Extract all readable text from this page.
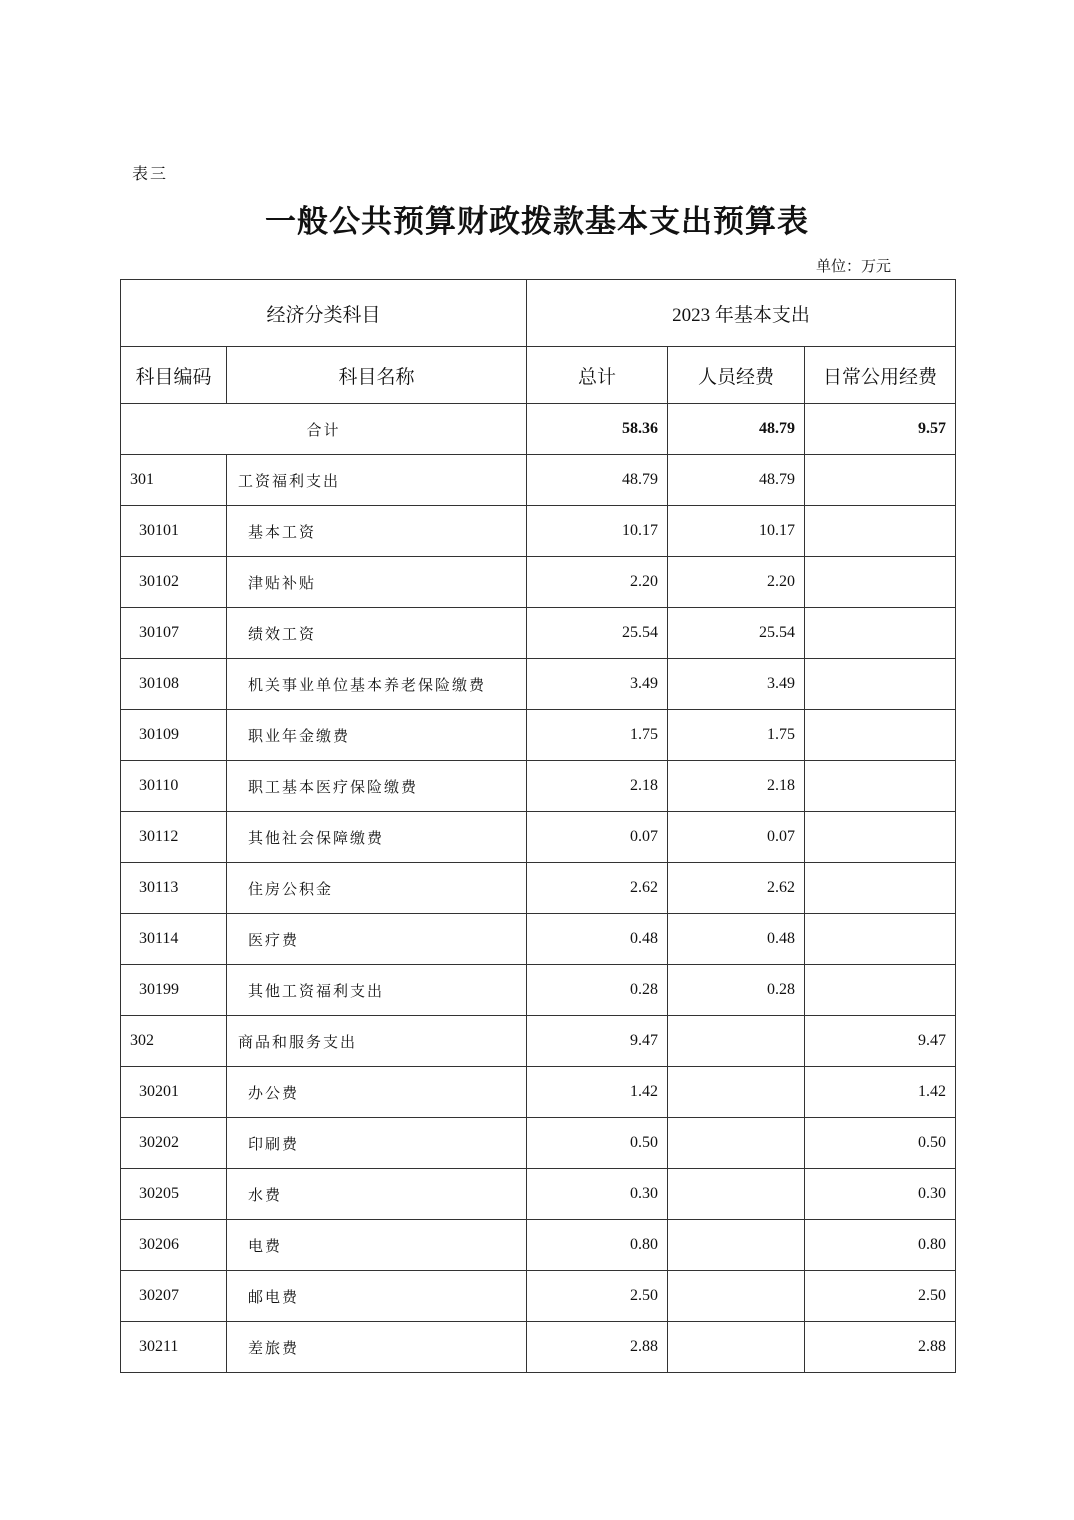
表三
一般公共预算财政拨款基本支出预算表
单位：万元
经济分类科目		2023 年基本支出		
科目编码	科目名称	总计	人员经费	日常公用经费
合计		58.36	48.79	9.57
301	工资福利支出	48.79	48.79	
30101	基本工资	10.17	10.17	
30102	津贴补贴	2.20	2.20	
30107	绩效工资	25.54	25.54	
30108	机关事业单位基本养老保险缴费	3.49	3.49	
30109	职业年金缴费	1.75	1.75	
30110	职工基本医疗保险缴费	2.18	2.18	
30112	其他社会保障缴费	0.07	0.07	
30113	住房公积金	2.62	2.62	
30114	医疗费	0.48	0.48	
30199	其他工资福利支出	0.28	0.28	
302	商品和服务支出	9.47		9.47
30201	办公费	1.42		1.42
30202	印刷费	0.50		0.50
30205	水费	0.30		0.30
30206	电费	0.80		0.80
30207	邮电费	2.50		2.50
30211	差旅费	2.88		2.88
